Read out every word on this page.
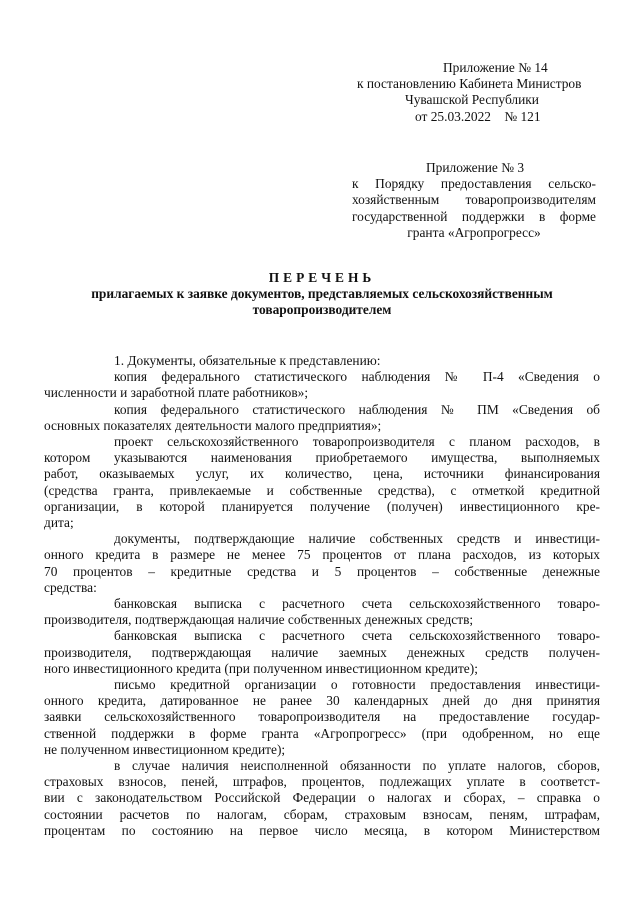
Приложение № 14
к постановлению Кабинета Министров
Чувашской Республики
от 25.03.2022    № 121
Приложение № 3
к Порядку предоставления сельско-
хозяйственным товаропроизводителям
государственной поддержки в форме
гранта «Агропрогресс»
ПЕРЕЧЕНЬ
прилагаемых к заявке документов, представляемых сельскохозяйственным
товаропроизводителем
1. Документы, обязательные к представлению:
копия федерального статистического наблюдения № П-4 «Сведения о
численности и заработной плате работников»;
копия федерального статистического наблюдения № ПМ «Сведения об
основных показателях деятельности малого предприятия»;
проект сельскохозяйственного товаропроизводителя с планом расходов, в
котором указываются наименования приобретаемого имущества, выполняемых
работ, оказываемых услуг, их количество, цена, источники финансирования
(средства гранта, привлекаемые и собственные средства), с отметкой кредитной
организации, в которой планируется получение (получен) инвестиционного кре-
дита;
документы, подтверждающие наличие собственных средств и инвестици-
онного кредита в размере не менее 75 процентов от плана расходов, из которых
70 процентов – кредитные средства и 5 процентов – собственные денежные
средства:
банковская выписка с расчетного счета сельскохозяйственного товаро-
производителя, подтверждающая наличие собственных денежных средств;
банковская выписка с расчетного счета сельскохозяйственного товаро-
производителя, подтверждающая наличие заемных денежных средств получен-
ного инвестиционного кредита (при полученном инвестиционном кредите);
письмо кредитной организации о готовности предоставления инвестици-
онного кредита, датированное не ранее 30 календарных дней до дня принятия
заявки сельскохозяйственного товаропроизводителя на предоставление государ-
ственной поддержки в форме гранта «Агропрогресс» (при одобренном, но еще
не полученном инвестиционном кредите);
в случае наличия неисполненной обязанности по уплате налогов, сборов,
страховых взносов, пеней, штрафов, процентов, подлежащих уплате в соответст-
вии с законодательством Российской Федерации о налогах и сборах, – справка о
состоянии расчетов по налогам, сборам, страховым взносам, пеням, штрафам,
процентам по состоянию на первое число месяца, в котором Министерством
